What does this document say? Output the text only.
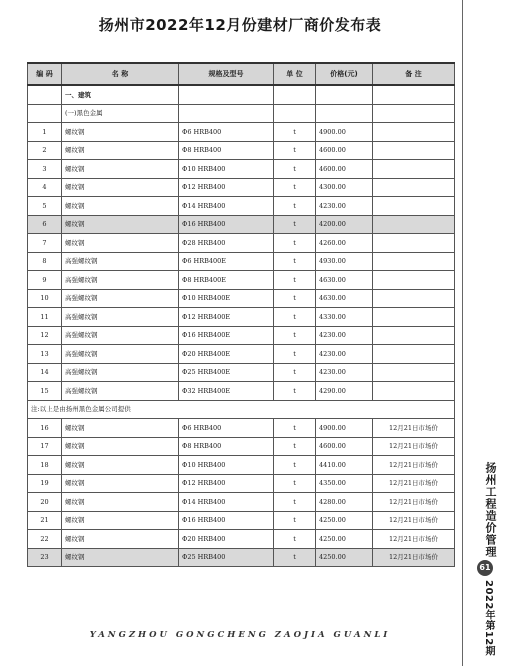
扬州市2022年12月份建材厂商价发布表
编 码	名 称	规格及型号	单 位	价格(元)	备 注
	一、建筑				
	(一)黑色金属				
1	螺纹钢	Φ6 HRB400	t	4900.00	
2	螺纹钢	Φ8 HRB400	t	4600.00	
3	螺纹钢	Φ10 HRB400	t	4600.00	
4	螺纹钢	Φ12 HRB400	t	4300.00	
5	螺纹钢	Φ14 HRB400	t	4230.00	
6	螺纹钢	Φ16 HRB400	t	4200.00	
7	螺纹钢	Φ28 HRB400	t	4260.00	
8	高强螺纹钢	Φ6 HRB400E	t	4930.00	
9	高强螺纹钢	Φ8 HRB400E	t	4630.00	
10	高强螺纹钢	Φ10 HRB400E	t	4630.00	
11	高强螺纹钢	Φ12 HRB400E	t	4330.00	
12	高强螺纹钢	Φ16 HRB400E	t	4230.00	
13	高强螺纹钢	Φ20 HRB400E	t	4230.00	
14	高强螺纹钢	Φ25 HRB400E	t	4230.00	
15	高强螺纹钢	Φ32 HRB400E	t	4290.00	
注:以上是由扬州黑色金属公司提供					
16	螺纹钢	Φ6 HRB400	t	4900.00	12月21日市场价
17	螺纹钢	Φ8 HRB400	t	4600.00	12月21日市场价
18	螺纹钢	Φ10 HRB400	t	4410.00	12月21日市场价
19	螺纹钢	Φ12 HRB400	t	4350.00	12月21日市场价
20	螺纹钢	Φ14 HRB400	t	4280.00	12月21日市场价
21	螺纹钢	Φ16 HRB400	t	4250.00	12月21日市场价
22	螺纹钢	Φ20 HRB400	t	4250.00	12月21日市场价
23	螺纹钢	Φ25 HRB400	t	4250.00	12月21日市场价	扬州工程造价管理
61
2022年第12期
YANGZHOU GONGCHENG ZAOJIA GUANLI
